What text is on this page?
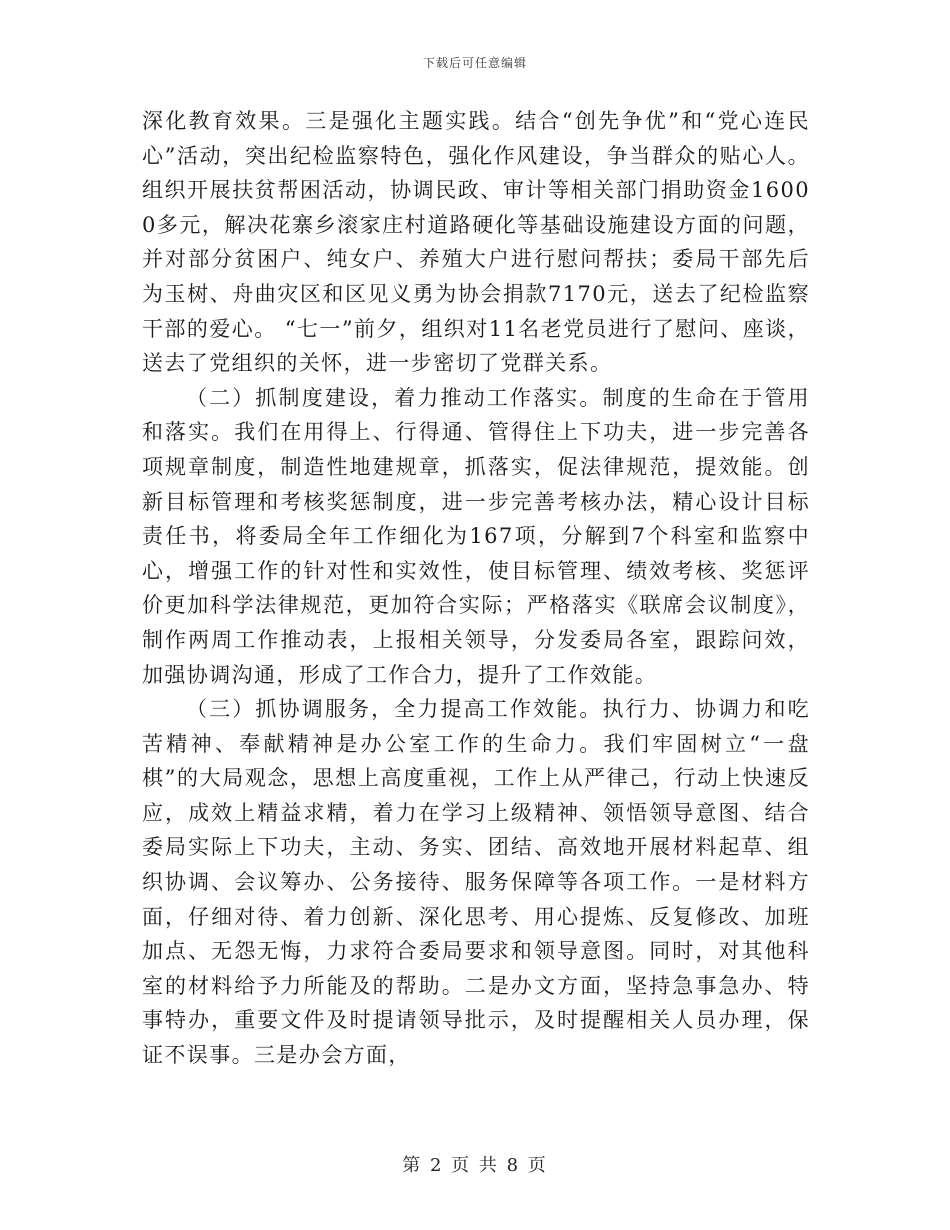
下载后可任意编辑

深化教育效果。三是强化主题实践。结合“创先争优”和“党心连民心”活动，突出纪检监察特色，强化作风建设，争当群众的贴心人。组织开展扶贫帮困活动，协调民政、审计等相关部门捐助资金16000多元，解决花寨乡滚家庄村道路硬化等基础设施建设方面的问题，并对部分贫困户、纯女户、养殖大户进行慰问帮扶；委局干部先后为玉树、舟曲灾区和区见义勇为协会捐款7170元，送去了纪检监察干部的爱心。 “七一”前夕，组织对11名老党员进行了慰问、座谈，送去了党组织的关怀，进一步密切了党群关系。

（二）抓制度建设，着力推动工作落实。制度的生命在于管用和落实。我们在用得上、行得通、管得住上下功夫，进一步完善各项规章制度，制造性地建规章，抓落实，促法律规范，提效能。创新目标管理和考核奖惩制度，进一步完善考核办法，精心设计目标责任书，将委局全年工作细化为167项，分解到7个科室和监察中心，增强工作的针对性和实效性，使目标管理、绩效考核、奖惩评价更加科学法律规范，更加符合实际；严格落实《联席会议制度》，制作两周工作推动表，上报相关领导，分发委局各室，跟踪问效，加强协调沟通，形成了工作合力，提升了工作效能。

（三）抓协调服务，全力提高工作效能。执行力、协调力和吃苦精神、奉献精神是办公室工作的生命力。我们牢固树立“一盘棋”的大局观念，思想上高度重视，工作上从严律己，行动上快速反应，成效上精益求精，着力在学习上级精神、领悟领导意图、结合委局实际上下功夫，主动、务实、团结、高效地开展材料起草、组织协调、会议筹办、公务接待、服务保障等各项工作。一是材料方面，仔细对待、着力创新、深化思考、用心提炼、反复修改、加班加点、无怨无悔，力求符合委局要求和领导意图。同时，对其他科室的材料给予力所能及的帮助。二是办文方面，坚持急事急办、特事特办，重要文件及时提请领导批示，及时提醒相关人员办理，保证不误事。三是办会方面，

第 2 页 共 8 页
